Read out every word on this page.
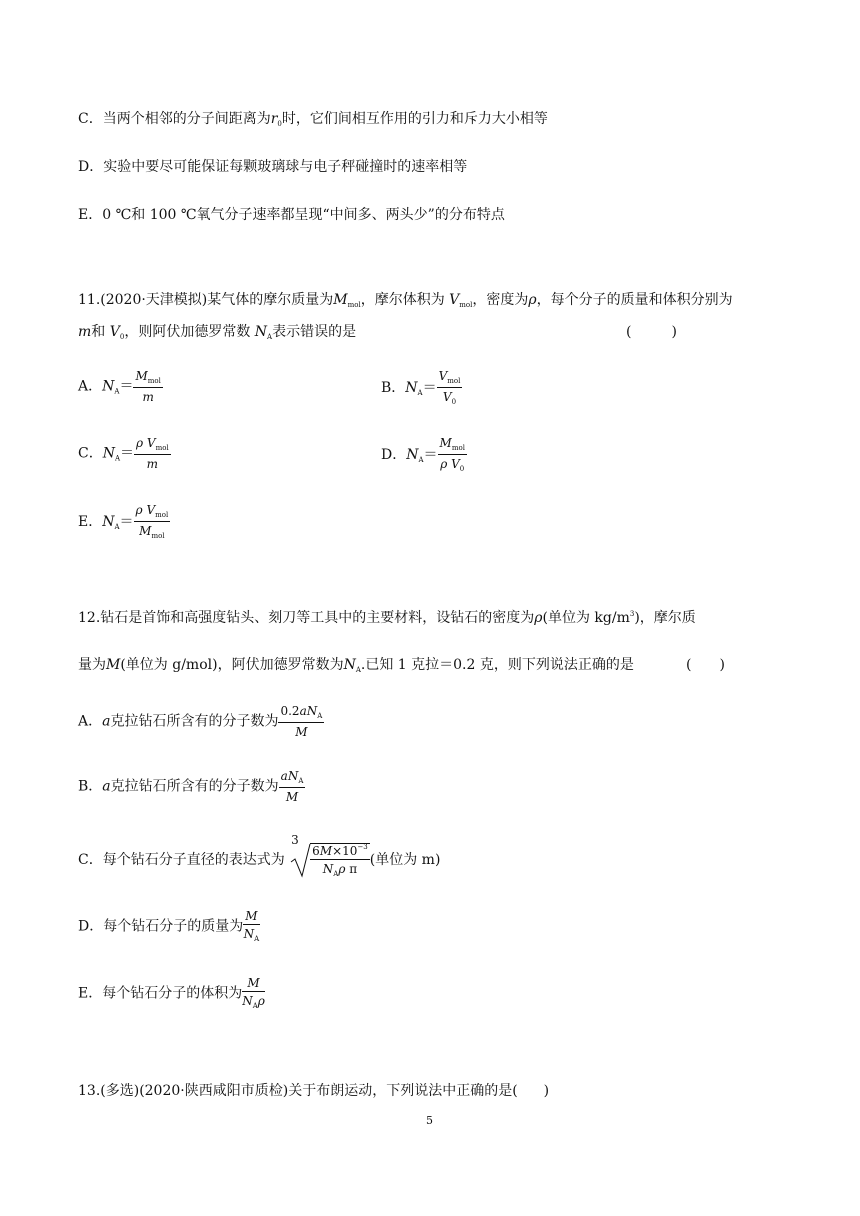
C．当两个相邻的分子间距离为$r_0$时，它们间相互作用的引力和斥力大小相等
D．实验中要尽可能保证每颗玻璃球与电子秤碰撞时的速率相等
E．0 ℃和 100 ℃氧气分子速率都呈现“中间多、两头少”的分布特点
11.(2020·天津模拟)某气体的摩尔质量为$M_{mol}$，摩尔体积为 $V_{mol}$，密度为ρ，每个分子的质量和体积分别为
m和 $V_0$，则阿伏加德罗常数 $N_A$表示错误的是	(	)
A．$N_A= \frac{M_{mol}}{m}$	B．$N_A= \frac{V_{mol}}{V_0}$
C．$N_A= \frac{\rho V_{mol}}{m}$	D．$N_A= \frac{M_{mol}}{\rho V_0}$
E．$N_A= \frac{\rho V_{mol}}{M_{mol}}$
12.钻石是首饰和高强度钻头、刻刀等工具中的主要材料，设钻石的密度为ρ(单位为 $kg/m^3$)，摩尔质
量为M(单位为 g/mol)，阿伏加德罗常数为$N_A$.已知 1 克拉＝0.2 克，则下列说法正确的是	( )
A．a克拉钻石所含有的分子数为 $\frac{0.2aN_A}{M}$
B．a克拉钻石所含有的分子数为 $\frac{aN_A}{M}$
C．每个钻石分子直径的表达式为
3
$\frac{6M\times 10^{-3}}{N_A\rho \pi}$ (单位为 m)
D．每个钻石分子的质量为 $\frac{M}{N_A}$
E．每个钻石分子的体积为 $\frac{M}{N_A\rho}$
13.(多选)(2020·陕西咸阳市质检)关于布朗运动，下列说法中正确的是( )
5
